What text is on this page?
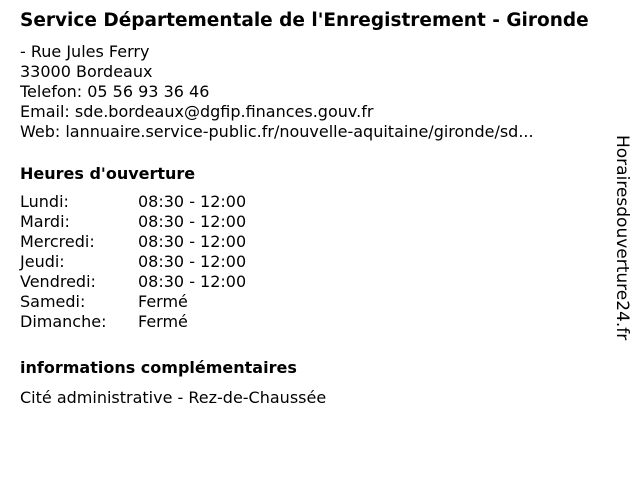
Service Départementale de l'Enregistrement - Gironde
- Rue Jules Ferry
33000 Bordeaux
Telefon: 05 56 93 36 46
Email: sde.bordeaux@dgfip.finances.gouv.fr
Web: lannuaire.service-public.fr/nouvelle-aquitaine/gironde/sd...
Heures d'ouverture
Lundi:	08:30 - 12:00
Mardi:	08:30 - 12:00
Mercredi:	08:30 - 12:00
Jeudi:	08:30 - 12:00
Vendredi:	08:30 - 12:00
Samedi:	Fermé
Dimanche:	Fermé
informations complémentaires
Cité administrative - Rez-de-Chaussée
Horairesdouverture24.fr
